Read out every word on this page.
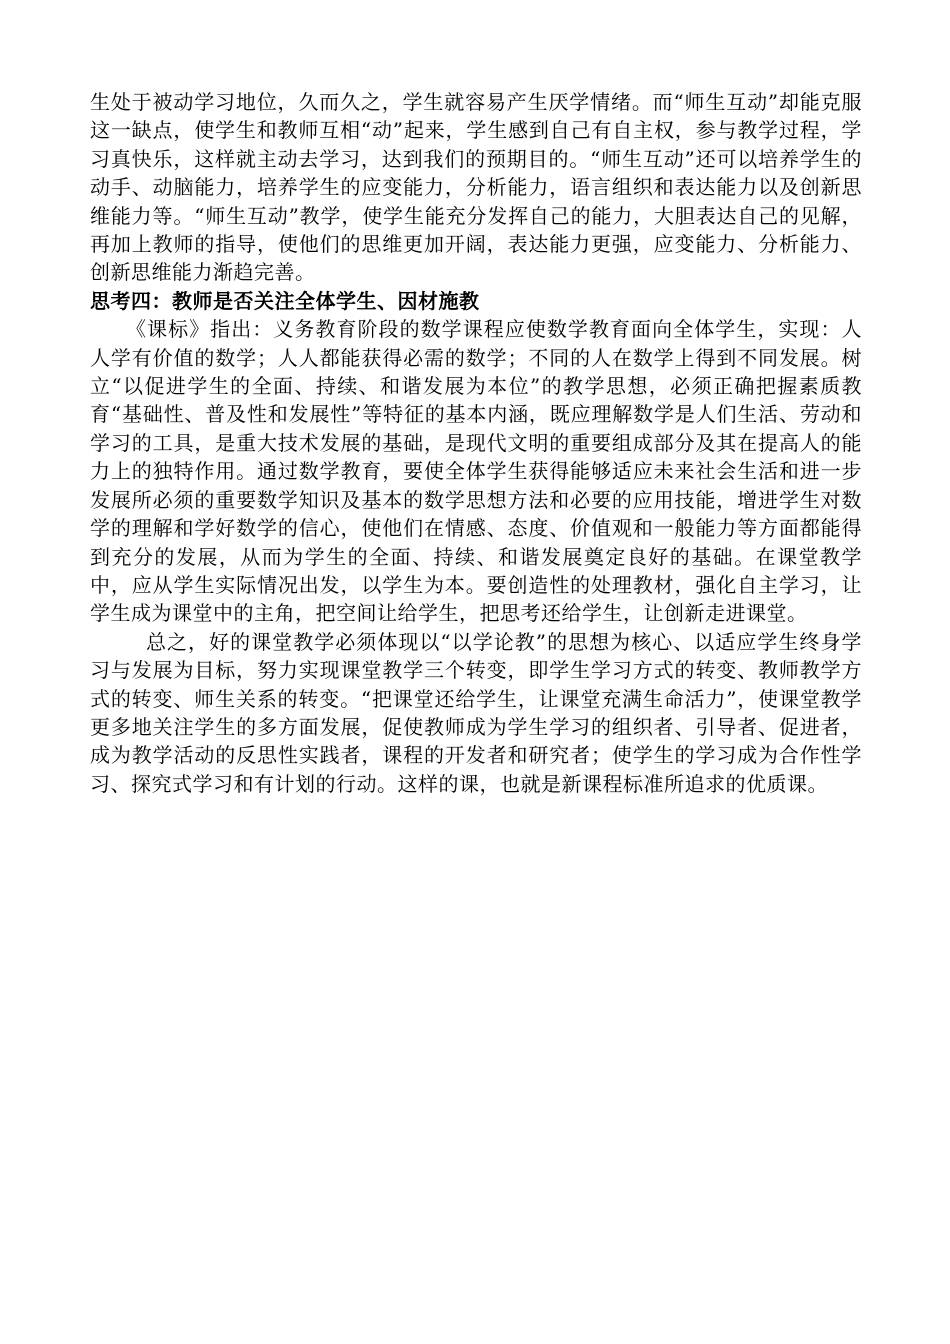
生处于被动学习地位，久而久之，学生就容易产生厌学情绪。而“师生互动”却能克服这一缺点，使学生和教师互相“动”起来，学生感到自己有自主权，参与教学过程，学习真快乐，这样就主动去学习，达到我们的预期目的。“师生互动”还可以培养学生的动手、动脑能力，培养学生的应变能力，分析能力，语言组织和表达能力以及创新思维能力等。“师生互动”教学，使学生能充分发挥自己的能力，大胆表达自己的见解，再加上教师的指导，使他们的思维更加开阔，表达能力更强，应变能力、分析能力、创新思维能力渐趋完善。

思考四：教师是否关注全体学生、因材施教

《课标》指出：义务教育阶段的数学课程应使数学教育面向全体学生，实现：人人学有价值的数学；人人都能获得必需的数学；不同的人在数学上得到不同发展。树立“以促进学生的全面、持续、和谐发展为本位”的教学思想，必须正确把握素质教育“基础性、普及性和发展性”等特征的基本内涵，既应理解数学是人们生活、劳动和学习的工具，是重大技术发展的基础，是现代文明的重要组成部分及其在提高人的能力上的独特作用。通过数学教育，要使全体学生获得能够适应未来社会生活和进一步发展所必须的重要数学知识及基本的数学思想方法和必要的应用技能，增进学生对数学的理解和学好数学的信心，使他们在情感、态度、价值观和一般能力等方面都能得到充分的发展，从而为学生的全面、持续、和谐发展奠定良好的基础。在课堂教学中，应从学生实际情况出发，以学生为本。要创造性的处理教材，强化自主学习，让学生成为课堂中的主角，把空间让给学生，把思考还给学生，让创新走进课堂。

总之，好的课堂教学必须体现以“以学论教”的思想为核心、以适应学生终身学习与发展为目标，努力实现课堂教学三个转变，即学生学习方式的转变、教师教学方式的转变、师生关系的转变。“把课堂还给学生，让课堂充满生命活力”，使课堂教学更多地关注学生的多方面发展，促使教师成为学生学习的组织者、引导者、促进者，成为教学活动的反思性实践者，课程的开发者和研究者；使学生的学习成为合作性学习、探究式学习和有计划的行动。这样的课，也就是新课程标准所追求的优质课。
